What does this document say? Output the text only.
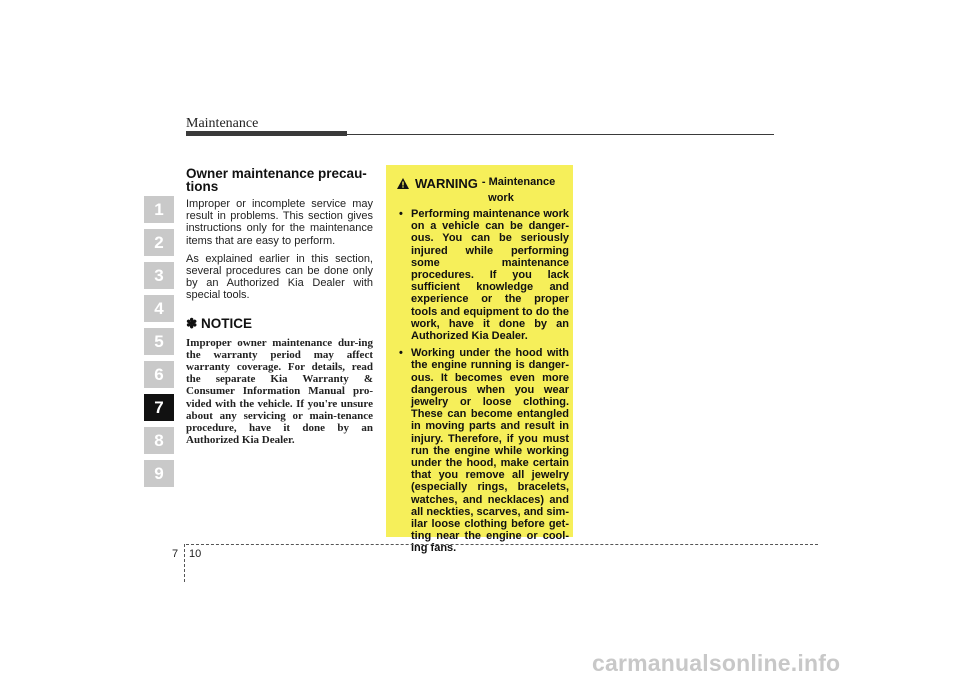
Maintenance
1
2
3
4
5
6
7
8
9
Owner maintenance precau-tions

Improper or incomplete service may result in problems. This section gives instructions only for the maintenance items that are easy to perform.

As explained earlier in this section, several procedures can be done only by an Authorized Kia Dealer with special tools.

✽ NOTICE

Improper owner maintenance dur-ing the warranty period may affect warranty coverage. For details, read the separate Kia Warranty & Consumer Information Manual pro-vided with the vehicle. If you're unsure about any servicing or main-tenance procedure, have it done by an Authorized Kia Dealer.

WARNING - Maintenance
work
• Performing maintenance work on a vehicle can be danger-ous. You can be seriously injured while performing some maintenance procedures. If you lack sufficient knowledge and experience or the proper tools and equipment to do the work, have it done by an Authorized Kia Dealer.
• Working under the hood with the engine running is danger-ous. It becomes even more dangerous when you wear jewelry or loose clothing. These can become entangled in moving parts and result in injury. Therefore, if you must run the engine while working under the hood, make certain that you remove all jewelry (especially rings, bracelets, watches, and necklaces) and all neckties, scarves, and sim-ilar loose clothing before get-ting near the engine or cool-ing fans.
7 10
carmanualsonline.info
